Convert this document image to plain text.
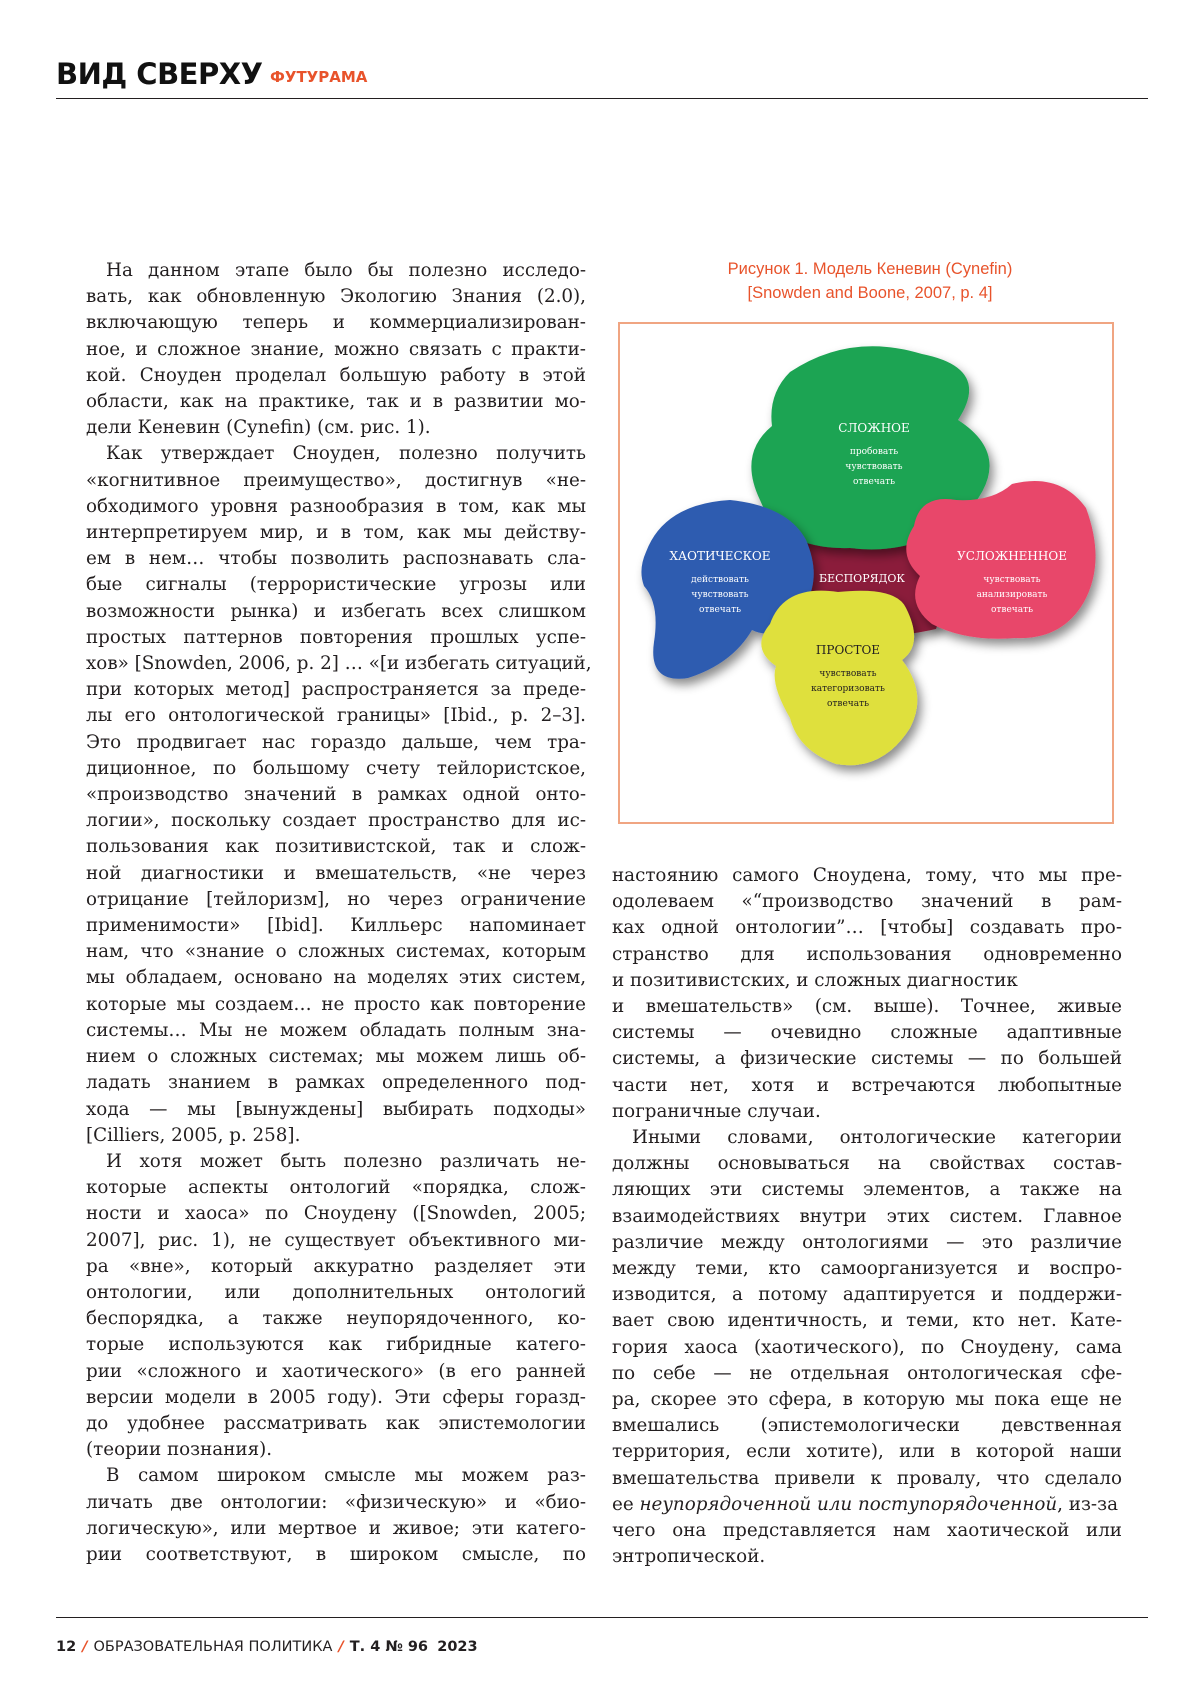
ВИД СВЕРХУ ФУТУРАМА
На данном этапе было бы полезно исследо-
вать, как обновленную Экологию Знания (2.0),
включающую теперь и коммерциализирован-
ное, и сложное знание, можно связать с практи-
кой. Сноуден проделал большую работу в этой
области, как на практике, так и в развитии мо-
дели Кеневин (Cynefin) (см. рис. 1).
Как утверждает Сноуден, полезно получить
«когнитивное преимущество», достигнув «не-
обходимого уровня разнообразия в том, как мы
интерпретируем мир, и в том, как мы действу-
ем в нем… чтобы позволить распознавать сла-
бые сигналы (террористические угрозы или
возможности рынка) и избегать всех слишком
простых паттернов повторения прошлых успе-
хов» [Snowden, 2006, p. 2] … «[и избегать ситуаций,
при которых метод] распространяется за преде-
лы его онтологической границы» [Ibid., p. 2–3].
Это продвигает нас гораздо дальше, чем тра-
диционное, по большому счету тейлористское,
«производство значений в рамках одной онто-
логии», поскольку создает пространство для ис-
пользования как позитивистской, так и слож-
ной диагностики и вмешательств, «не через
отрицание [тейлоризм], но через ограничение
применимости» [Ibid]. Килльерс напоминает
нам, что «знание о сложных системах, которым
мы обладаем, основано на моделях этих систем,
которые мы создаем… не просто как повторение
системы… Мы не можем обладать полным зна-
нием о сложных системах; мы можем лишь об-
ладать знанием в рамках определенного под-
хода — мы [вынуждены] выбирать подходы»
[Cilliers, 2005, p. 258].
И хотя может быть полезно различать не-
которые аспекты онтологий «порядка, слож-
ности и хаоса» по Сноудену ([Snowden, 2005;
2007], рис. 1), не существует объективного ми-
ра «вне», который аккуратно разделяет эти
онтологии, или дополнительных онтологий
беспорядка, а также неупорядоченного, ко-
торые используются как гибридные катего-
рии «сложного и хаотического» (в его ранней
версии модели в 2005 году). Эти сферы горазд-
до удобнее рассматривать как эпистемологии
(теории познания).
В самом широком смысле мы можем раз-
личать две онтологии: «физическую» и «био-
логическую», или мертвое и живое; эти катего-
рии соответствуют, в широком смысле, по
Рисунок 1. Модель Кеневин (Cynefin)
[Snowden and Boone, 2007, p. 4]
СЛОЖНОЕ
пробовать
чувствовать
отвечать
ХАОТИЧЕСКОЕ
действовать
чувствовать
отвечать
БЕСПОРЯДОК
УСЛОЖНЕННОЕ
чувствовать
анализировать
отвечать
ПРОСТОЕ
чувствовать
категоризовать
отвечать
настоянию самого Сноудена, тому, что мы пре-
одолеваем «“производство значений в рам-
ках одной онтологии”… [чтобы] создавать про-
странство для использования одновременно
и позитивистских, и сложных диагностик
и вмешательств» (см. выше). Точнее, живые
системы — очевидно сложные адаптивные
системы, а физические системы — по большей
части нет, хотя и встречаются любопытные
пограничные случаи.
Иными словами, онтологические категории
должны основываться на свойствах состав-
ляющих эти системы элементов, а также на
взаимодействиях внутри этих систем. Главное
различие между онтологиями — это различие
между теми, кто самоорганизуется и воспро-
изводится, а потому адаптируется и поддержи-
вает свою идентичность, и теми, кто нет. Кате-
гория хаоса (хаотического), по Сноудену, сама
по себе — не отдельная онтологическая сфе-
ра, скорее это сфера, в которую мы пока еще не
вмешались (эпистемологически девственная
территория, если хотите), или в которой наши
вмешательства привели к провалу, что сделало
ее неупорядоченной или поступорядоченной, из-за
чего она представляется нам хаотической или
энтропической.
12 / ОБРАЗОВАТЕЛЬНАЯ ПОЛИТИКА / Т. 4 № 96 2023
